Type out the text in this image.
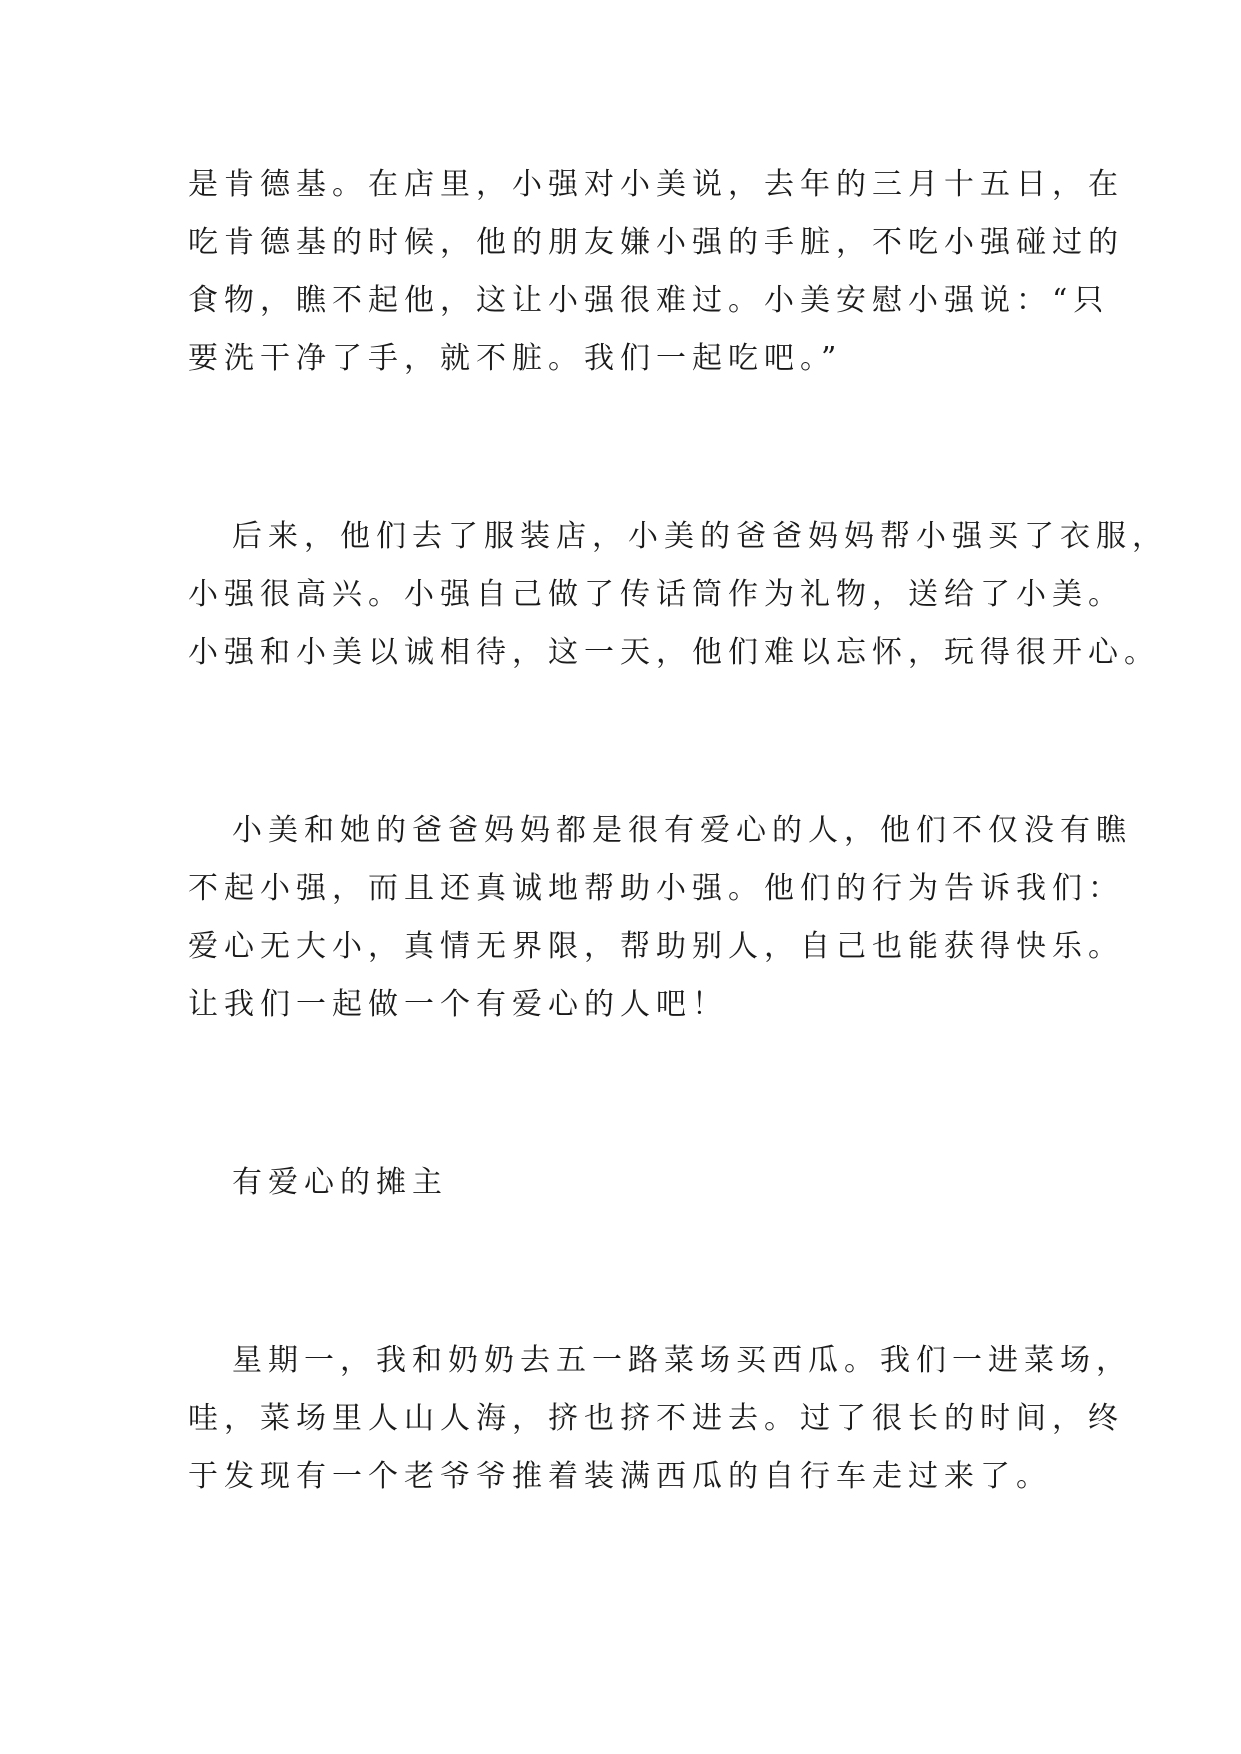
是肯德基。在店里，小强对小美说，去年的三月十五日，在

吃肯德基的时候，他的朋友嫌小强的手脏，不吃小强碰过的

食物，瞧不起他，这让小强很难过。小美安慰小强说：“只

要洗干净了手，就不脏。我们一起吃吧。”

后来，他们去了服装店，小美的爸爸妈妈帮小强买了衣服，

小强很高兴。小强自己做了传话筒作为礼物，送给了小美。

小强和小美以诚相待，这一天，他们难以忘怀，玩得很开心。

小美和她的爸爸妈妈都是很有爱心的人，他们不仅没有瞧

不起小强，而且还真诚地帮助小强。他们的行为告诉我们：

爱心无大小，真情无界限，帮助别人，自己也能获得快乐。

让我们一起做一个有爱心的人吧！

有爱心的摊主

星期一，我和奶奶去五一路菜场买西瓜。我们一进菜场，

哇，菜场里人山人海，挤也挤不进去。过了很长的时间，终

于发现有一个老爷爷推着装满西瓜的自行车走过来了。
